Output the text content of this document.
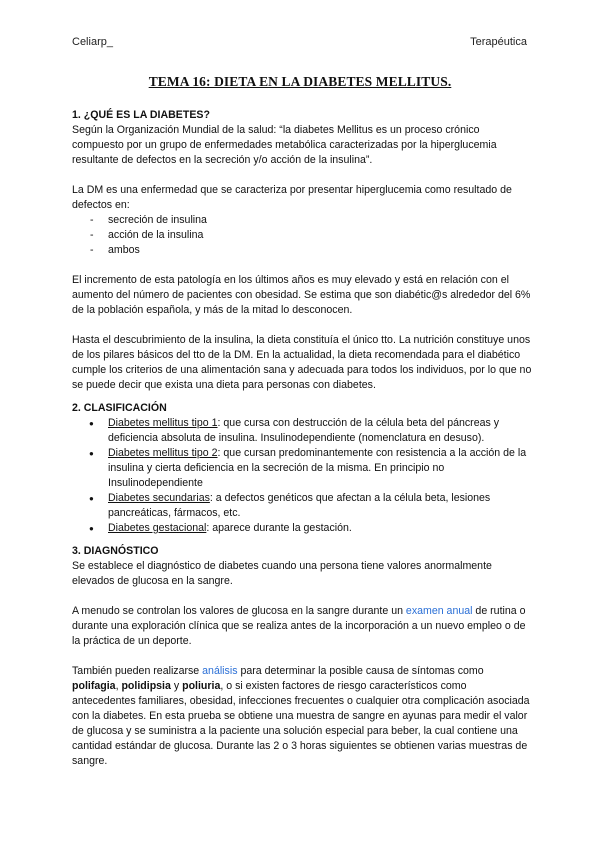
Celiarp_	Terapéutica
TEMA 16: DIETA EN LA DIABETES MELLITUS.
1. ¿QUÉ ES LA DIABETES?

Según la Organización Mundial de la salud: “la diabetes Mellitus es un proceso crónico compuesto por un grupo de enfermedades metabólica caracterizadas por la hiperglucemia resultante de defectos en la secreción y/o acción de la insulina”.

La DM es una enfermedad que se caracteriza por presentar hiperglucemia como resultado de defectos en:

- secreción de insulina
- acción de la insulina
- ambos

El incremento de esta patología en los últimos años es muy elevado y está en relación con el aumento del número de pacientes con obesidad. Se estima que son diabétic@s alrededor del 6% de la población española, y más de la mitad lo desconocen.

Hasta el descubrimiento de la insulina, la dieta constituía el único tto. La nutrición constituye unos de los pilares básicos del tto de la DM. En la actualidad, la dieta recomendada para el diabético cumple los criterios de una alimentación sana y adecuada para todos los individuos, por lo que no se puede decir que exista una dieta para personas con diabetes.

2. CLASIFICACIÓN
● Diabetes mellitus tipo 1: que cursa con destrucción de la célula beta del páncreas y deficiencia absoluta de insulina. Insulinodependiente (nomenclatura en desuso).
● Diabetes mellitus tipo 2: que cursan predominantemente con resistencia a la acción de la insulina y cierta deficiencia en la secreción de la misma. En principio no Insulinodependiente
● Diabetes secundarias: a defectos genéticos que afectan a la célula beta, lesiones pancreáticas, fármacos, etc.
● Diabetes gestacional: aparece durante la gestación.
3. DIAGNÓSTICO

Se establece el diagnóstico de diabetes cuando una persona tiene valores anormalmente elevados de glucosa en la sangre.

A menudo se controlan los valores de glucosa en la sangre durante un examen anual de rutina o durante una exploración clínica que se realiza antes de la incorporación a un nuevo empleo o de la práctica de un deporte.

También pueden realizarse análisis para determinar la posible causa de síntomas como polifagia, polidipsia y poliuria, o si existen factores de riesgo característicos como antecedentes familiares, obesidad, infecciones frecuentes o cualquier otra complicación asociada con la diabetes. En esta prueba se obtiene una muestra de sangre en ayunas para medir el valor de glucosa y se suministra a la paciente una solución especial para beber, la cual contiene una cantidad estándar de glucosa. Durante las 2 o 3 horas siguientes se obtienen varias muestras de sangre.
